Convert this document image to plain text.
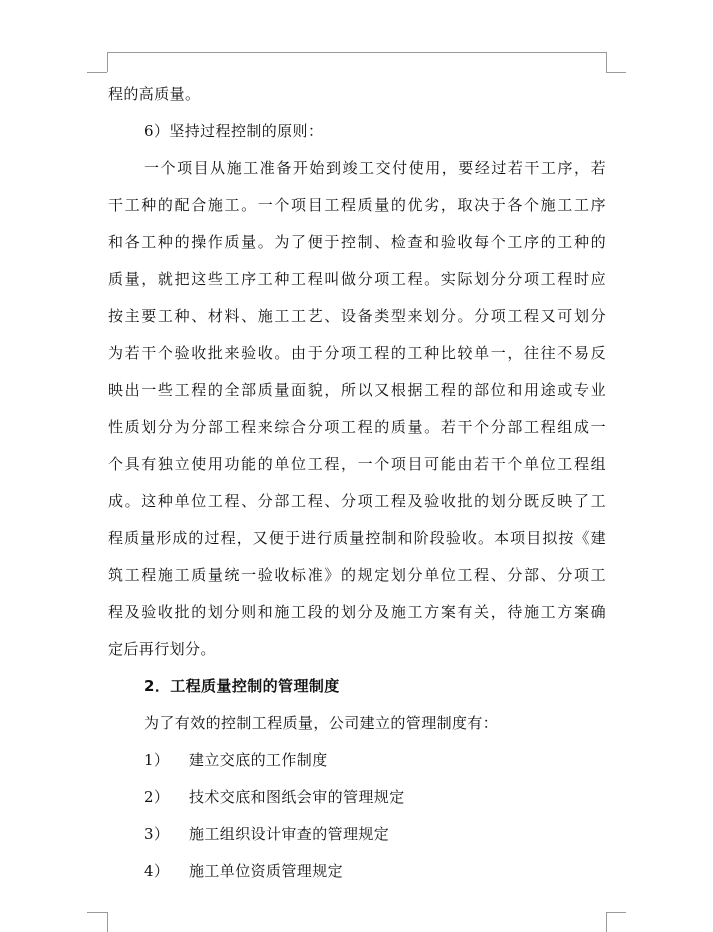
程的高质量。
6）坚持过程控制的原则：
一个项目从施工准备开始到竣工交付使用，要经过若干工序，若
干工种的配合施工。一个项目工程质量的优劣，取决于各个施工工序
和各工种的操作质量。为了便于控制、检查和验收每个工序的工种的
质量，就把这些工序工种工程叫做分项工程。实际划分分项工程时应
按主要工种、材料、施工工艺、设备类型来划分。分项工程又可划分
为若干个验收批来验收。由于分项工程的工种比较单一，往往不易反
映出一些工程的全部质量面貌，所以又根据工程的部位和用途或专业
性质划分为分部工程来综合分项工程的质量。若干个分部工程组成一
个具有独立使用功能的单位工程，一个项目可能由若干个单位工程组
成。这种单位工程、分部工程、分项工程及验收批的划分既反映了工
程质量形成的过程，又便于进行质量控制和阶段验收。本项目拟按《建
筑工程施工质量统一验收标准》的规定划分单位工程、分部、分项工
程及验收批的划分则和施工段的划分及施工方案有关，待施工方案确
定后再行划分。
2．工程质量控制的管理制度
为了有效的控制工程质量，公司建立的管理制度有：
1）	建立交底的工作制度
2）	技术交底和图纸会审的管理规定
3）	施工组织设计审查的管理规定
4）	施工单位资质管理规定
